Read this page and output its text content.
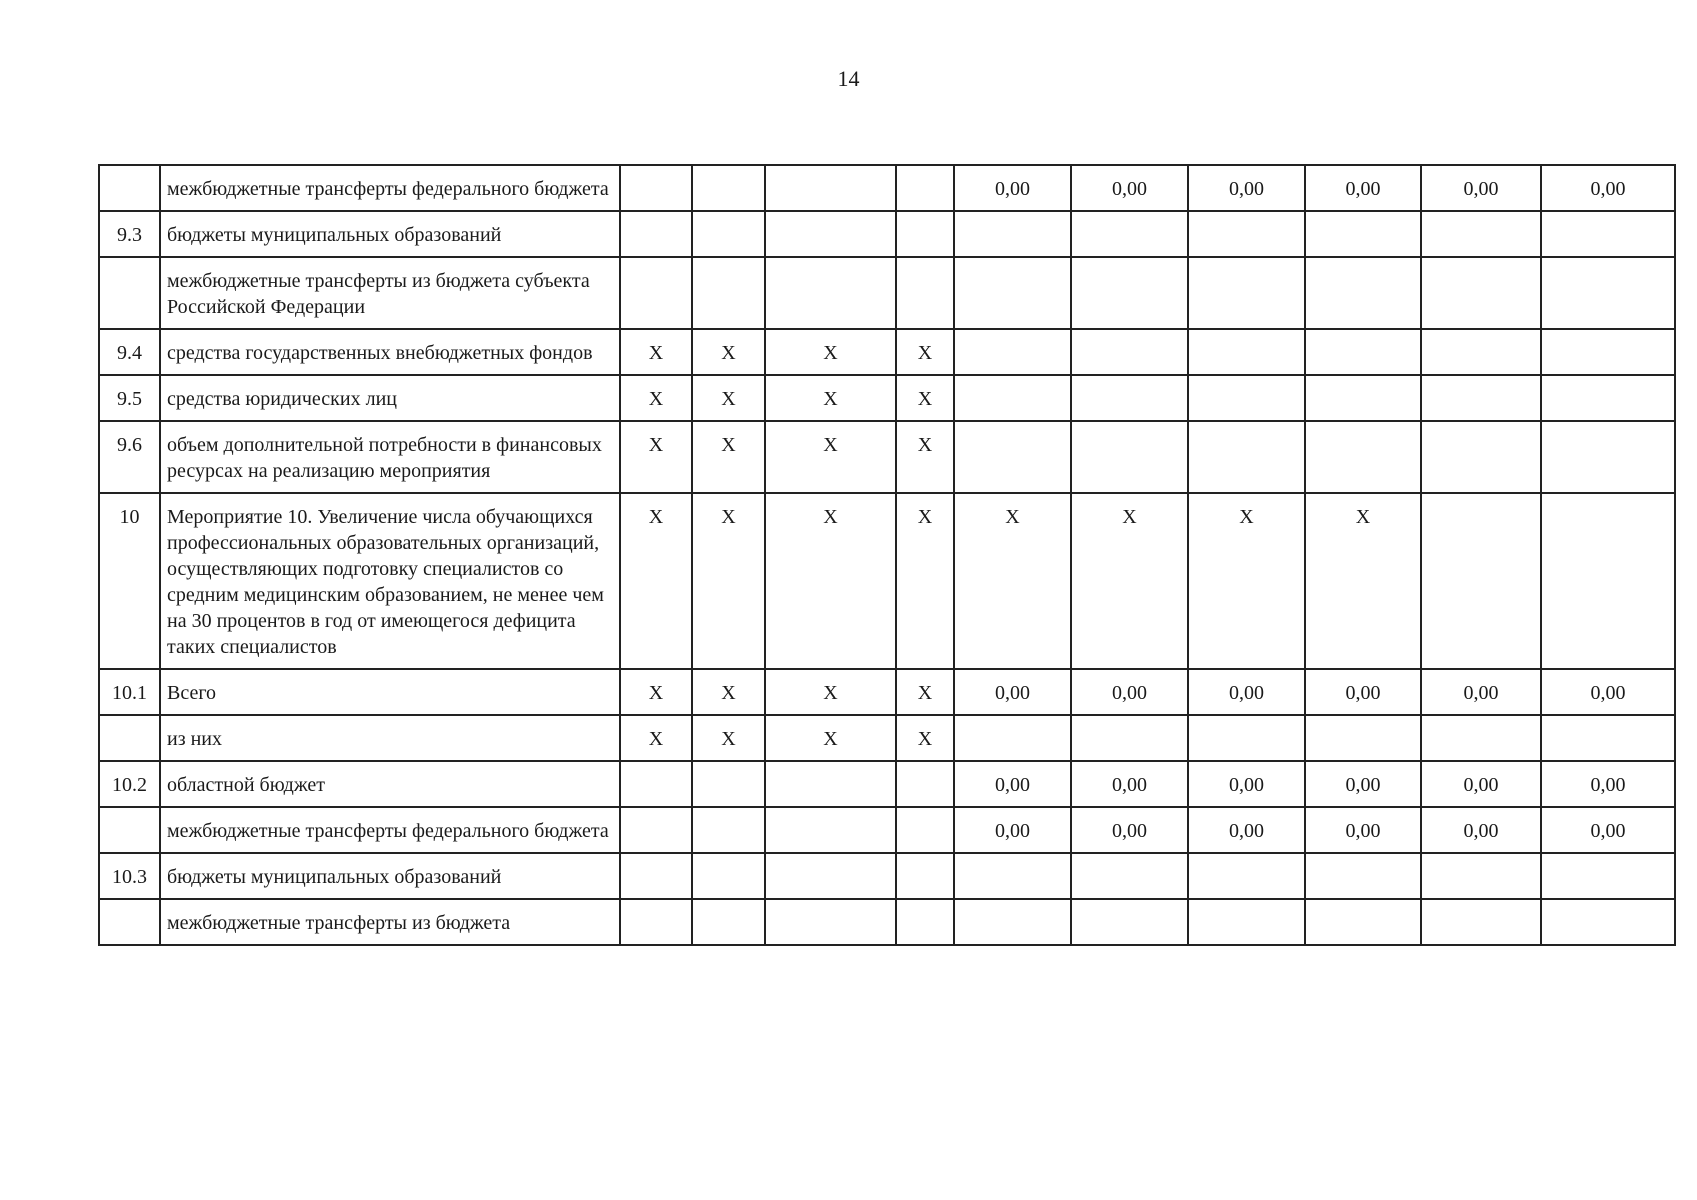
14
	межбюджетные трансферты федерального бюджета					0,00	0,00	0,00	0,00	0,00	0,00
9.3	бюджеты муниципальных образований										
	межбюджетные трансферты из бюджета субъекта Российской Федерации										
9.4	средства государственных внебюджетных фондов	X	X	X	X						
9.5	средства юридических лиц	X	X	X	X						
9.6	объем дополнительной потребности в финансовых ресурсах на реализацию мероприятия	X	X	X	X						
10	Мероприятие 10. Увеличение числа обучающихся профессиональных образовательных организаций, осуществляющих подготовку специалистов со средним медицинским образованием, не менее чем на 30 процентов в год от имеющегося дефицита таких специалистов	X	X	X	X	X	X	X	X		
10.1	Всего	X	X	X	X	0,00	0,00	0,00	0,00	0,00	0,00
	из них	X	X	X	X						
10.2	областной бюджет					0,00	0,00	0,00	0,00	0,00	0,00
	межбюджетные трансферты федерального бюджета					0,00	0,00	0,00	0,00	0,00	0,00
10.3	бюджеты муниципальных образований										
	межбюджетные трансферты из бюджета										
